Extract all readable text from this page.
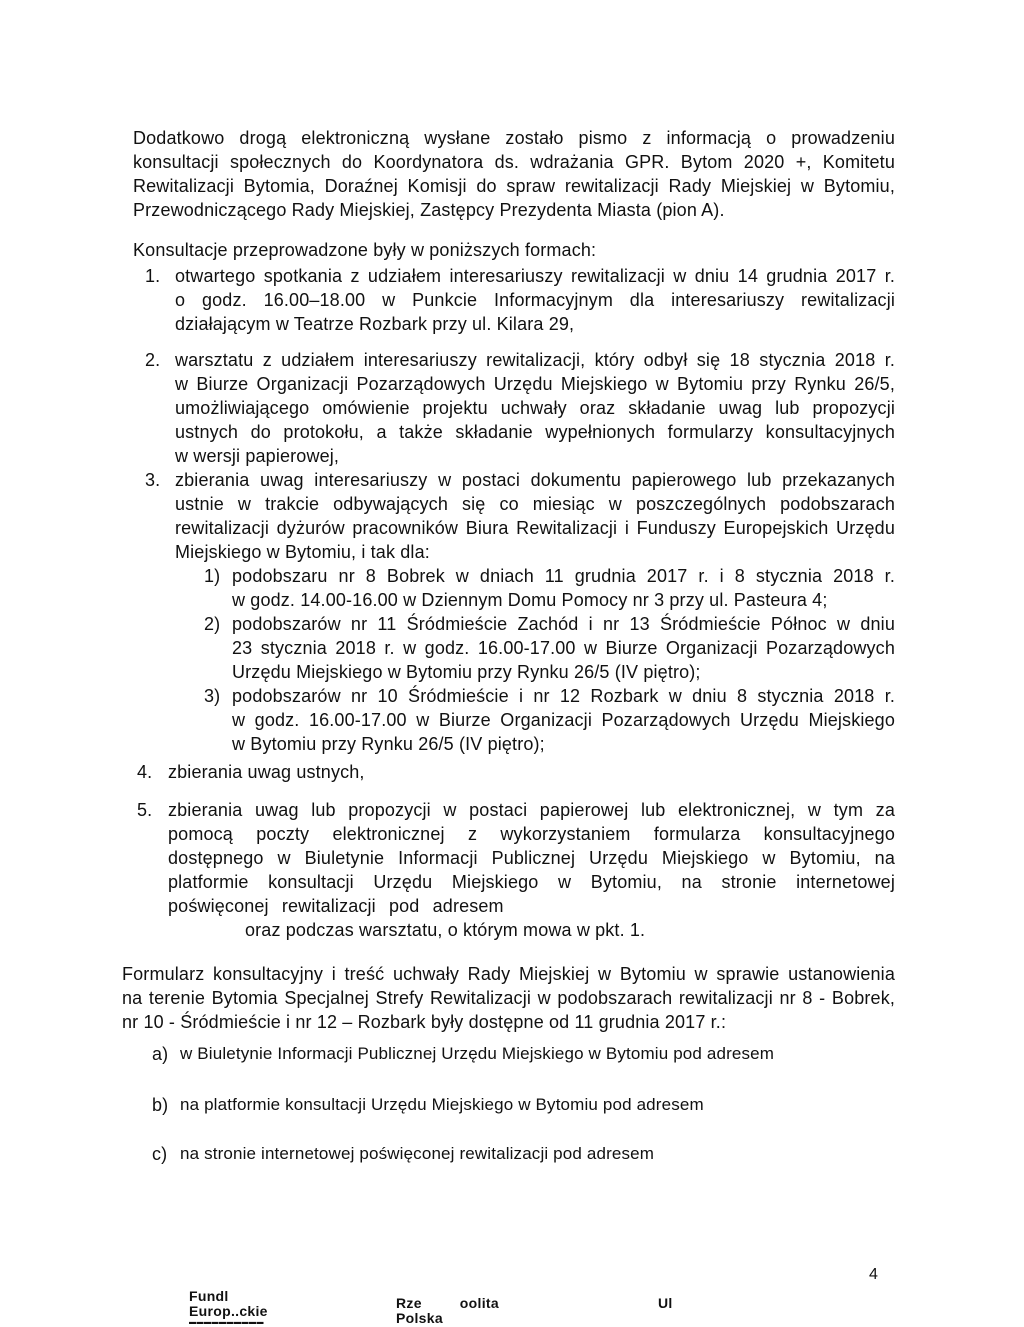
Dodatkowo drogą elektroniczną wysłane zostało pismo z informacją o prowadzeniu

konsultacji społecznych do Koordynatora ds. wdrażania GPR. Bytom 2020 +, Komitetu

Rewitalizacji Bytomia, Doraźnej Komisji do spraw rewitalizacji Rady Miejskiej w Bytomiu,

Przewodniczącego Rady Miejskiej, Zastępcy Prezydenta Miasta (pion A).

Konsultacje przeprowadzone były w poniższych formach:

1. otwartego spotkania z udziałem interesariuszy rewitalizacji w dniu 14 grudnia 2017 r.

o godz. 16.00–18.00 w Punkcie Informacyjnym dla interesariuszy rewitalizacji

działającym w Teatrze Rozbark przy ul. Kilara 29,

2. warsztatu z udziałem interesariuszy rewitalizacji, który odbył się 18 stycznia 2018 r.

w Biurze Organizacji Pozarządowych Urzędu Miejskiego w Bytomiu przy Rynku 26/5,

umożliwiającego omówienie projektu uchwały oraz składanie uwag lub propozycji

ustnych do protokołu, a także składanie wypełnionych formularzy konsultacyjnych

w wersji papierowej,

3. zbierania uwag interesariuszy w postaci dokumentu papierowego lub przekazanych

ustnie w trakcie odbywających się co miesiąc w poszczególnych podobszarach

rewitalizacji dyżurów pracowników Biura Rewitalizacji i Funduszy Europejskich Urzędu

Miejskiego w Bytomiu, i tak dla:

1) podobszaru nr 8 Bobrek w dniach 11 grudnia 2017 r. i 8 stycznia 2018 r.

w godz. 14.00-16.00 w Dziennym Domu Pomocy nr 3 przy ul. Pasteura 4;

2) podobszarów nr 11 Śródmieście Zachód i nr 13 Śródmieście Północ w dniu

23 stycznia 2018 r. w godz. 16.00-17.00 w Biurze Organizacji Pozarządowych

Urzędu Miejskiego w Bytomiu przy Rynku 26/5 (IV piętro);

3) podobszarów nr 10 Śródmieście i nr 12 Rozbark w dniu 8 stycznia 2018 r.

w godz. 16.00-17.00 w Biurze Organizacji Pozarządowych Urzędu Miejskiego

w Bytomiu przy Rynku 26/5 (IV piętro);

4. zbierania uwag ustnych,

5. zbierania uwag lub propozycji w postaci papierowej lub elektronicznej, w tym za

pomocą poczty elektronicznej z wykorzystaniem formularza konsultacyjnego

dostępnego w Biuletynie Informacji Publicznej Urzędu Miejskiego w Bytomiu, na

platformie konsultacji Urzędu Miejskiego w Bytomiu, na stronie internetowej

poświęconej rewitalizacji pod adresem

oraz podczas warsztatu, o którym mowa w pkt. 1.

Formularz konsultacyjny i treść uchwały Rady Miejskiej w Bytomiu w sprawie ustanowienia

na terenie Bytomia Specjalnej Strefy Rewitalizacji w podobszarach rewitalizacji nr 8 - Bobrek,

nr 10 - Śródmieście i nr 12 – Rozbark były dostępne od 11 grudnia 2017 r.:

a) w Biuletynie Informacji Publicznej Urzędu Miejskiego w Bytomiu pod adresem

b) na platformie konsultacji Urzędu Miejskiego w Bytomiu pod adresem

c) na stronie internetowej poświęconej rewitalizacji pod adresem

4
Fundl
Europ..ckie
▬▬▬▬▬▬▬▬▬▬
Rze	oolita
Polska
Ul
